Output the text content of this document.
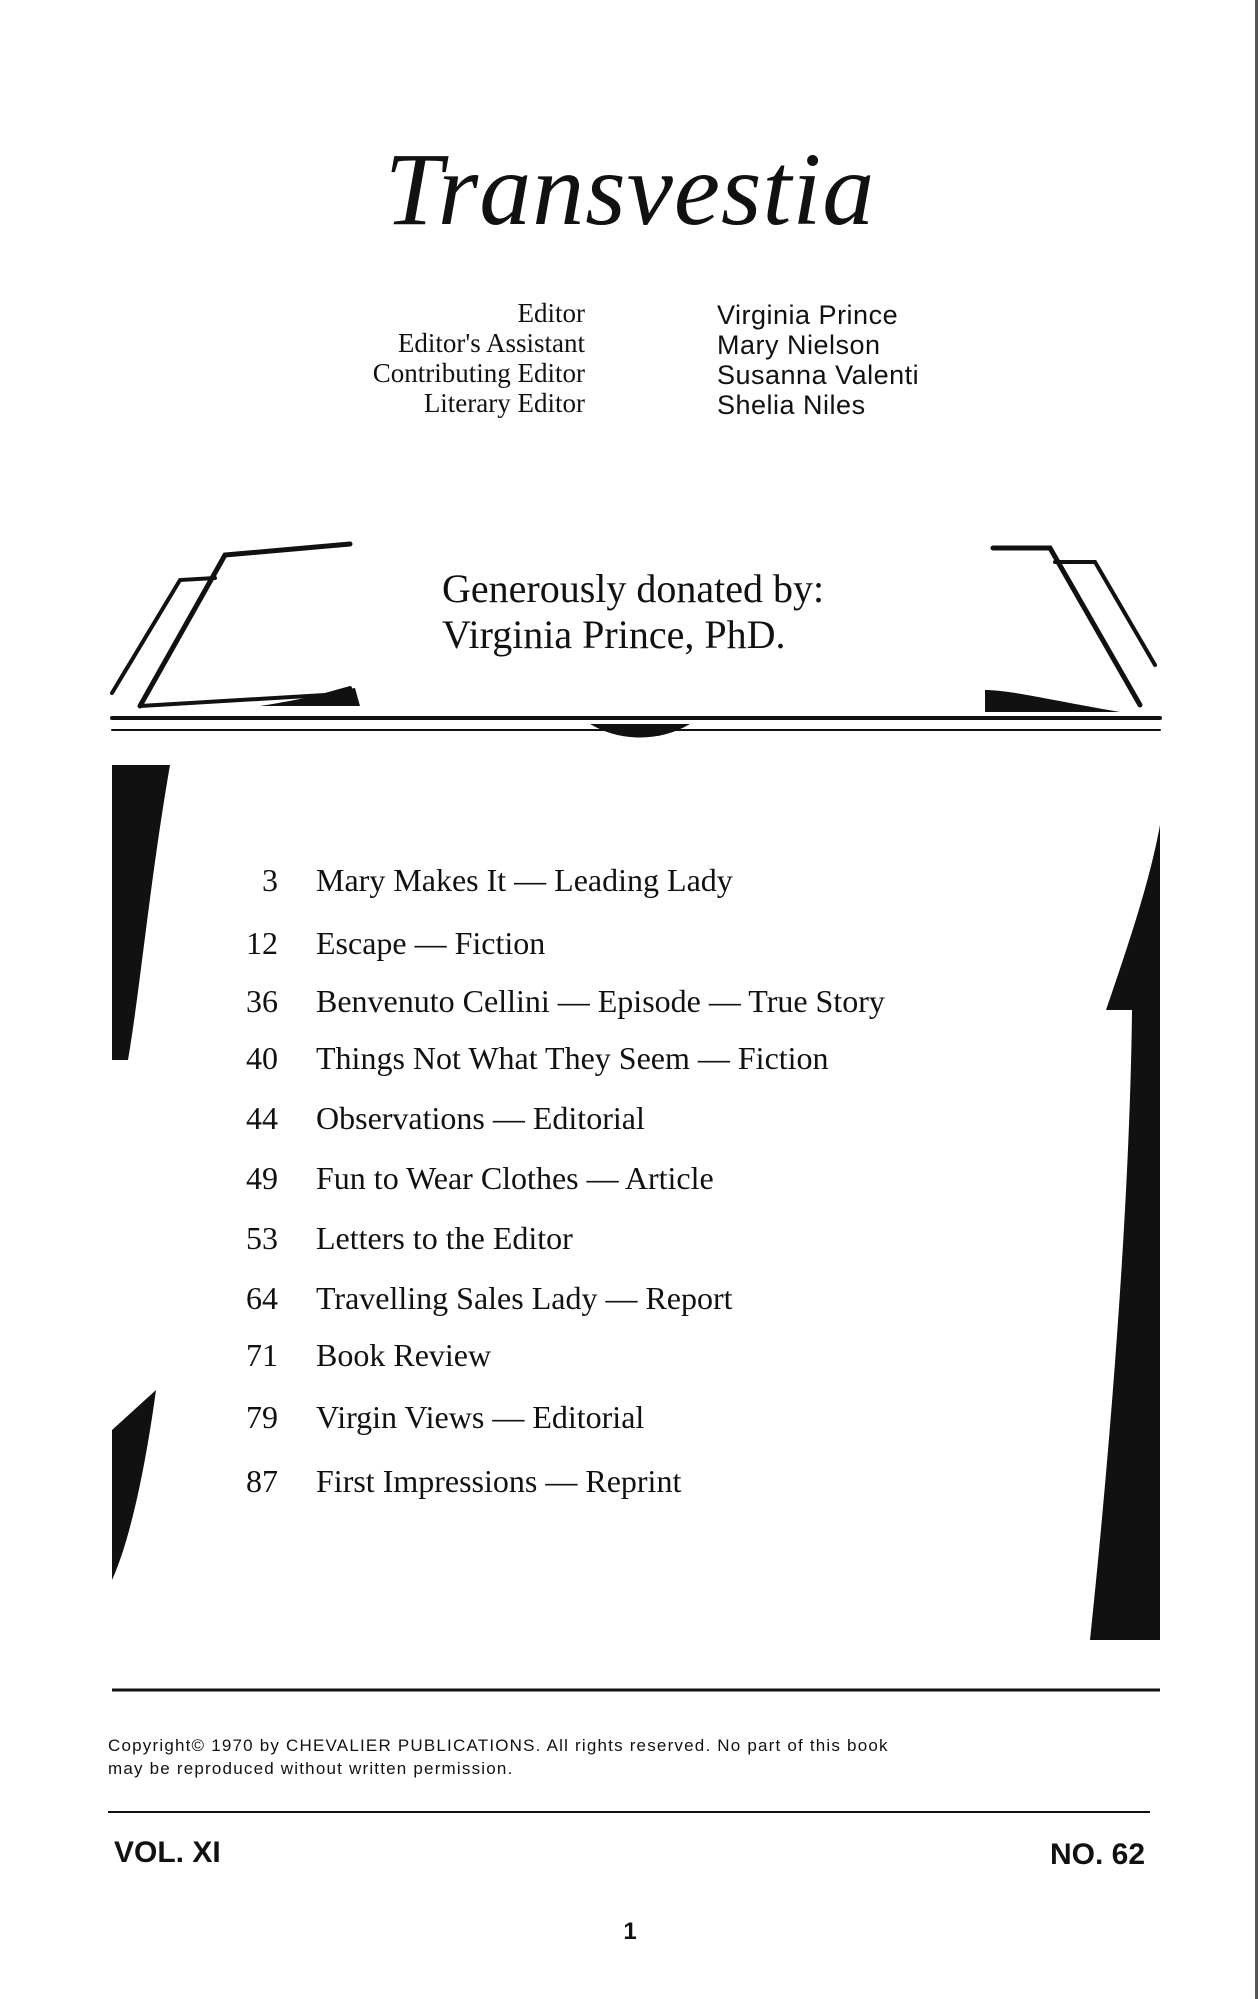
Transvestia
Editor
Editor's Assistant
Contributing Editor
Literary Editor
Virginia Prince
Mary Nielson
Susanna Valenti
Shelia Niles
Generously donated by:
Virginia Prince, PhD.
3 Mary Makes It — Leading Lady
12 Escape — Fiction
36 Benvenuto Cellini — Episode — True Story
40 Things Not What They Seem — Fiction
44 Observations — Editorial
49 Fun to Wear Clothes — Article
53 Letters to the Editor
64 Travelling Sales Lady — Report
71 Book Review
79 Virgin Views — Editorial
87 First Impressions — Reprint
Copyright© 1970 by CHEVALIER PUBLICATIONS. All rights reserved. No part of this book
may be reproduced without written permission.
VOL. XI	NO. 62
1
